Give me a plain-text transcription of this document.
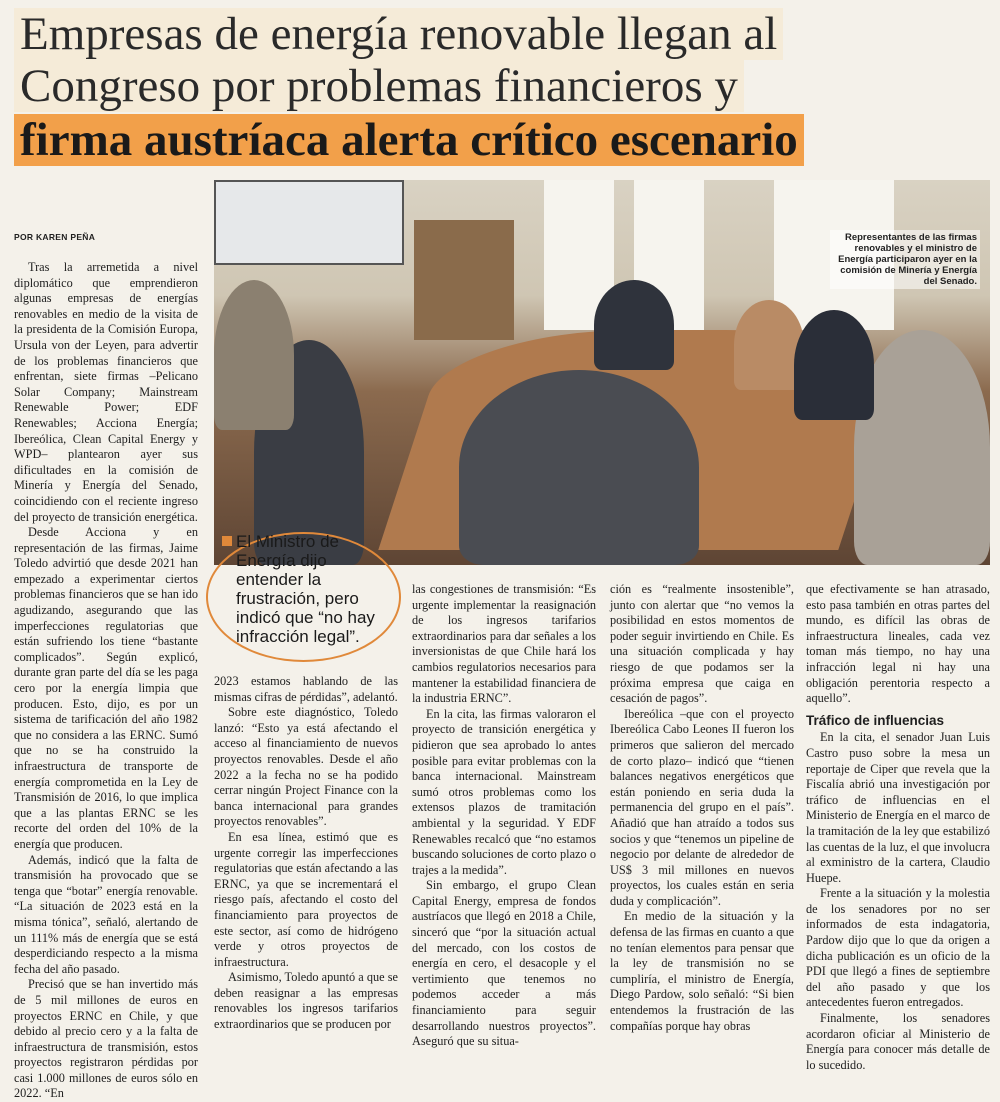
Empresas de energía renovable llegan al
Congreso por problemas financieros y
firma austríaca alerta crítico escenario
Representantes de las firmas renovables y el ministro de Energía participaron ayer en la comisión de Minería y Energía del Senado.
POR KAREN PEÑA

Tras la arremetida a nivel diplomático que emprendieron algunas empresas de energías renovables en medio de la visita de la presidenta de la Comisión Europa, Ursula von der Leyen, para advertir de los problemas financieros que enfrentan, siete firmas –Pelicano Solar Company; Mainstream Renewable Power; EDF Renewables; Acciona Energía; Ibereólica, Clean Capital Energy y WPD– plantearon ayer sus dificultades en la comisión de Minería y Energía del Senado, coincidiendo con el reciente ingreso del proyecto de transición energética.

Desde Acciona y en representación de las firmas, Jaime Toledo advirtió que desde 2021 han empezado a experimentar ciertos problemas financieros que se han ido agudizando, asegurando que las imperfecciones regulatorias que están sufriendo los tiene “bastante complicados”. Según explicó, durante gran parte del día se les paga cero por la energía limpia que producen. Esto, dijo, es por un sistema de tarificación del año 1982 que no considera a las ERNC. Sumó que no se ha construido la infraestructura de transporte de energía comprometida en la Ley de Transmisión de 2016, lo que implica que a las plantas ERNC se les recorte del orden del 10% de la energía que producen.

Además, indicó que la falta de transmisión ha provocado que se tenga que “botar” energía renovable. “La situación de 2023 está en la misma tónica”, señaló, alertando de un 111% más de energía que se está desperdiciando respecto a la misma fecha del año pasado.

Precisó que se han invertido más de 5 mil millones de euros en proyectos ERNC en Chile, y que debido al precio cero y a la falta de infraestructura de transmisión, estos proyectos registraron pérdidas por casi 1.000 millones de euros sólo en 2022. “En

El Ministro de Energía dijo entender la frustración, pero indicó que “no hay infracción legal”.

2023 estamos hablando de las mismas cifras de pérdidas”, adelantó.

Sobre este diagnóstico, Toledo lanzó: “Esto ya está afectando el acceso al financiamiento de nuevos proyectos renovables. Desde el año 2022 a la fecha no se ha podido cerrar ningún Project Finance con la banca internacional para grandes proyectos renovables”.

En esa línea, estimó que es urgente corregir las imperfecciones regulatorias que están afectando a las ERNC, ya que se incrementará el riesgo país, afectando el costo del financiamiento para proyectos de este sector, así como de hidrógeno verde y otros proyectos de infraestructura.

Asimismo, Toledo apuntó a que se deben reasignar a las empresas renovables los ingresos tarifarios extraordinarios que se producen por

las congestiones de transmisión: “Es urgente implementar la reasignación de los ingresos tarifarios extraordinarios para dar señales a los inversionistas de que Chile hará los cambios regulatorios necesarios para mantener la estabilidad financiera de la industria ERNC”.

En la cita, las firmas valoraron el proyecto de transición energética y pidieron que sea aprobado lo antes posible para evitar problemas con la banca internacional. Mainstream sumó otros problemas como los extensos plazos de tramitación ambiental y la seguridad. Y EDF Renewables recalcó que “no estamos buscando soluciones de corto plazo o trajes a la medida”.

Sin embargo, el grupo Clean Capital Energy, empresa de fondos austríacos que llegó en 2018 a Chile, sinceró que “por la situación actual del mercado, con los costos de energía en cero, el desacople y el vertimiento que tenemos no podemos acceder a más financiamiento para seguir desarrollando nuestros proyectos”. Aseguró que su situa-

ción es “realmente insostenible”, junto con alertar que “no vemos la posibilidad en estos momentos de poder seguir invirtiendo en Chile. Es una situación complicada y hay riesgo de que podamos ser la próxima empresa que caiga en cesación de pagos”.

Ibereólica –que con el proyecto Ibereólica Cabo Leones II fueron los primeros que salieron del mercado de corto plazo– indicó que “tienen balances negativos energéticos que están poniendo en seria duda la permanencia del grupo en el país”. Añadió que han atraído a todos sus socios y que “tenemos un pipeline de negocio por delante de alrededor de US$ 3 mil millones en nuevos proyectos, los cuales están en seria duda y complicación”.

En medio de la situación y la defensa de las firmas en cuanto a que no tenían elementos para pensar que la ley de transmisión no se cumpliría, el ministro de Energía, Diego Pardow, solo señaló: “Si bien entendemos la frustración de las compañías porque hay obras

que efectivamente se han atrasado, esto pasa también en otras partes del mundo, es difícil las obras de infraestructura lineales, cada vez toman más tiempo, no hay una infracción legal ni hay una obligación perentoria respecto a aquello”.

Tráfico de influencias

En la cita, el senador Juan Luis Castro puso sobre la mesa un reportaje de Ciper que revela que la Fiscalía abrió una investigación por tráfico de influencias en el Ministerio de Energía en el marco de la tramitación de la ley que estabilizó las cuentas de la luz, el que involucra al exministro de la cartera, Claudio Huepe.

Frente a la situación y la molestia de los senadores por no ser informados de esta indagatoria, Pardow dijo que lo que da origen a dicha publicación es un oficio de la PDI que llegó a fines de septiembre del año pasado y que los antecedentes fueron entregados.

Finalmente, los senadores acordaron oficiar al Ministerio de Energía para conocer más detalle de lo sucedido.
